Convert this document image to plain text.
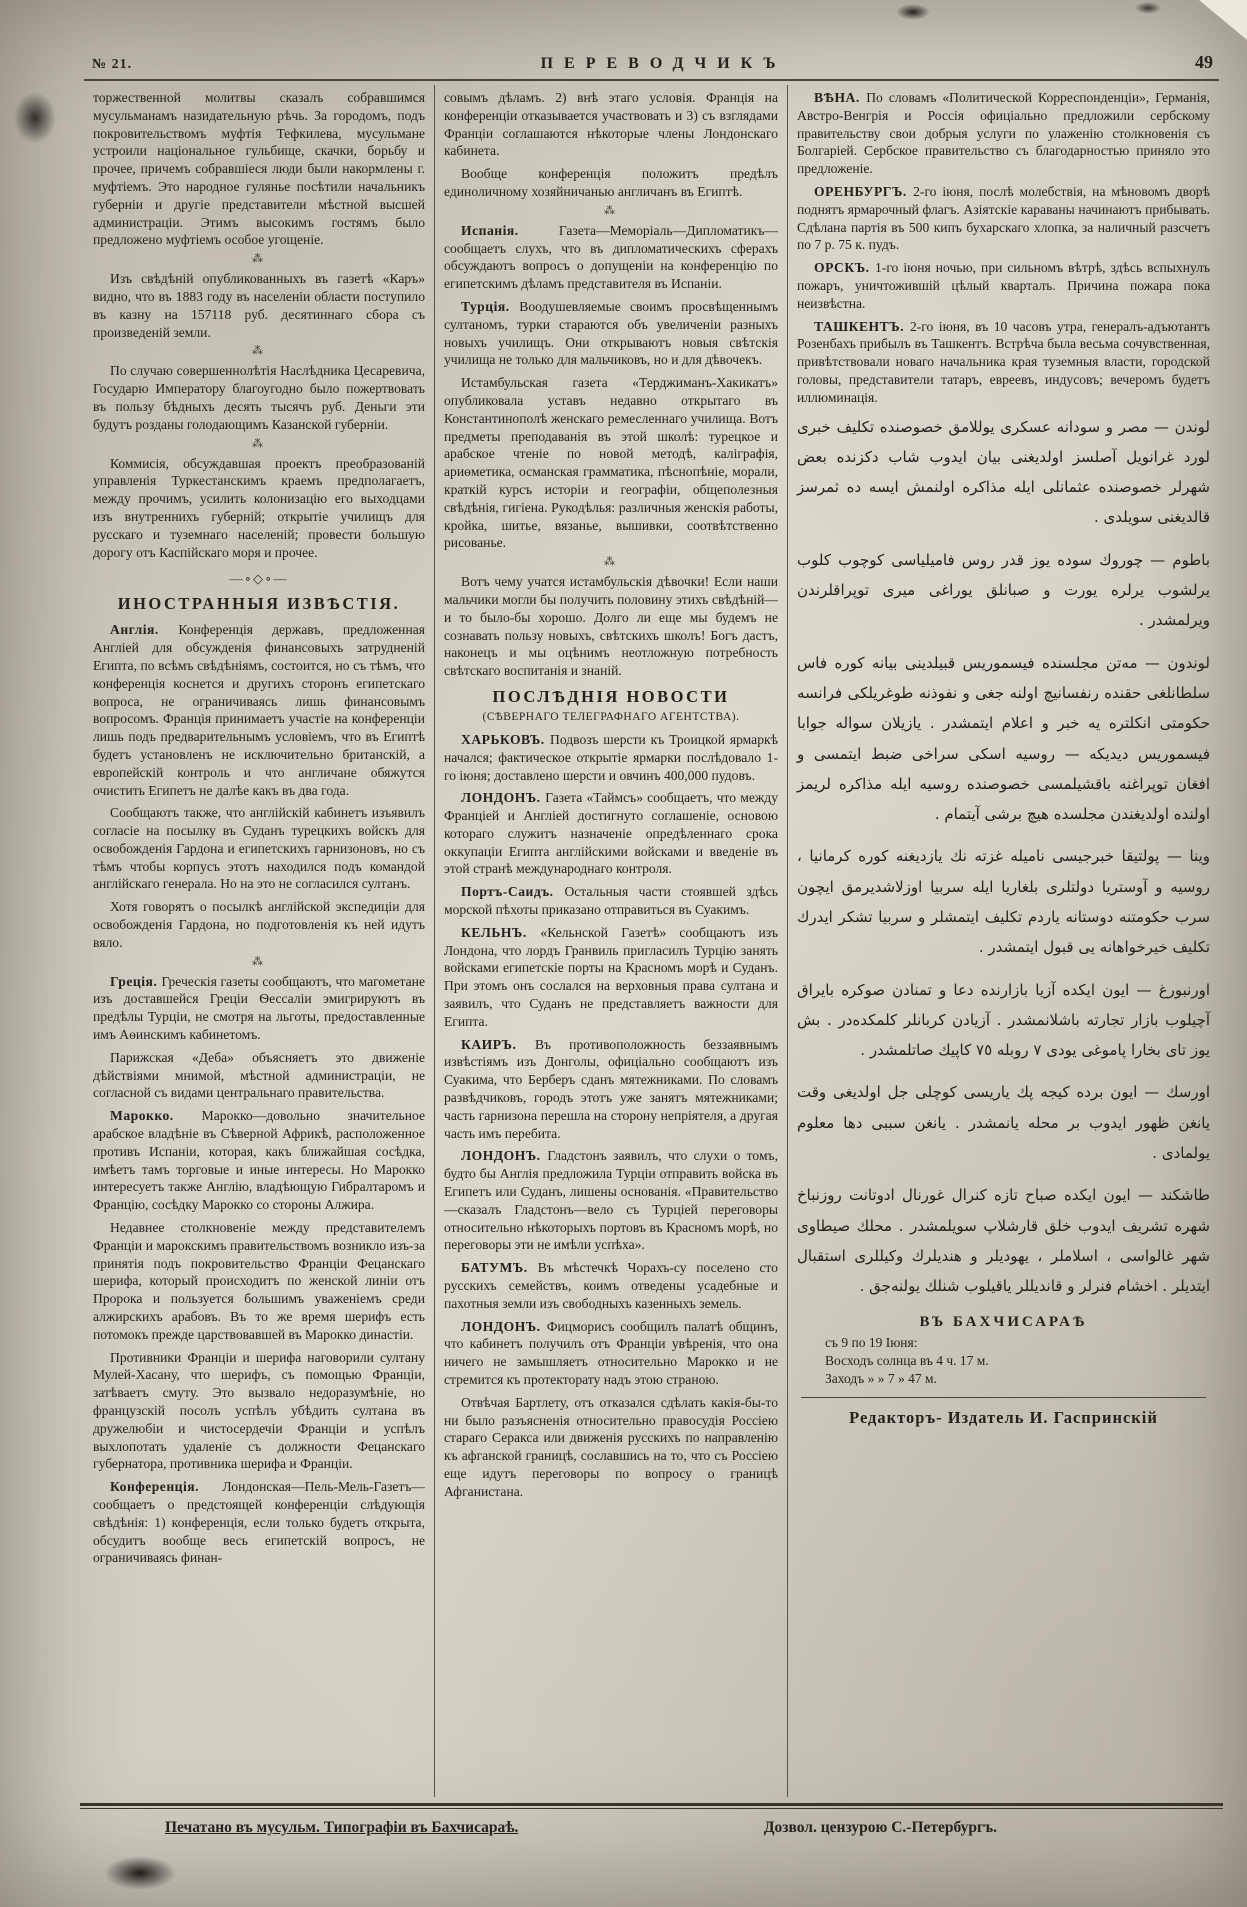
№ 21.	ПЕРЕВОДЧИКЪ	49
торжественной молитвы сказалъ собравшимся мусульманамъ назидательную рѣчь. За городомъ, подъ покровительствомъ муфтія Тефкилева, мусульмане устроили національное гульбище, скачки, борьбу и прочее, причемъ собравшіеся люди были накормлены г. муфтіемъ. Это народное гулянье посѣтили начальникъ губерніи и другіе представители мѣстной высшей администраціи. Этимъ высокимъ гостямъ было предложено муфтіемъ особое угощеніе.
⁂
Изъ свѣдѣній опубликованныхъ въ газетѣ «Каръ» видно, что въ 1883 году въ населеніи области поступило въ казну на 157118 руб. десятиннаго сбора съ произведеній земли.
⁂
По случаю совершеннолѣтія Наслѣдника Цесаревича, Государю Императору благоугодно было пожертвовать въ пользу бѣдныхъ десять тысячъ руб. Деньги эти будутъ розданы голодающимъ Казанской губерніи.
⁂
Коммисія, обсуждавшая проектъ преобразованій управленія Туркестанскимъ краемъ предполагаетъ, между прочимъ, усилить колонизацію его выходцами изъ внутреннихъ губерній; открытіе училищъ для русскаго и туземнаго населеній; провести большую дорогу отъ Каспійскаго моря и прочее.
—∘◇∘—
ИНОСТРАННЫЯ ИЗВѢСТІЯ.
Англія. Конференція державъ, предложенная Англіей для обсужденія финансовыхъ затрудненій Египта, по всѣмъ свѣдѣніямъ, состоится, но съ тѣмъ, что конференція коснется и другихъ сторонъ египетскаго вопроса, не ограничиваясь лишь финансовымъ вопросомъ. Франція принимаетъ участіе на конференціи лишь подъ предварительнымъ условіемъ, что въ Египтѣ будетъ установленъ не исключительно британскій, а европейскій контроль и что англичане обяжутся очистить Египетъ не далѣе какъ въ два года.
Сообщаютъ также, что англійскій кабинетъ изъявилъ согласіе на посылку въ Суданъ турецкихъ войскъ для освобожденія Гардона и египетскихъ гарнизоновъ, но съ тѣмъ чтобы корпусъ этотъ находился подъ командой англійскаго генерала. Но на это не согласился султанъ.
Хотя говорятъ о посылкѣ англійской экспедиціи для освобожденія Гардона, но подготовленія къ ней идутъ вяло.
⁂
Греція. Греческія газеты сообщаютъ, что магометане изъ доставшейся Греціи Ѳессаліи эмигрируютъ въ предѣлы Турціи, не смотря на льготы, предоставленные имъ Аѳинскимъ кабинетомъ.
Парижская «Деба» объясняетъ это движеніе дѣйствіями мнимой, мѣстной администраціи, не согласной съ видами центральнаго правительства.
Марокко. Марокко—довольно значительное арабское владѣніе въ Сѣверной Африкѣ, расположенное противъ Испаніи, которая, какъ ближайшая сосѣдка, имѣетъ тамъ торговые и иные интересы. Но Марокко интересуетъ также Англію, владѣющую Гибралтаромъ и Францію, сосѣдку Марокко со стороны Алжира.
Недавнее столкновеніе между представителемъ Франціи и марокскимъ правительствомъ возникло изъ-за принятія подъ покровительство Франціи Фецанскаго шерифа, который происходитъ по женской линіи отъ Пророка и пользуется большимъ уваженіемъ среди алжирскихъ арабовъ. Въ то же время шерифъ есть потомокъ прежде царствовавшей въ Марокко династіи.
Противники Франціи и шерифа наговорили султану Мулей-Хасану, что шерифъ, съ помощью Франціи, затѣваетъ смуту. Это вызвало недоразумѣніе, но французскій посолъ успѣлъ убѣдить султана въ дружелюбіи и чистосердечіи Франціи и успѣлъ выхлопотать удаленіе съ должности Фецанскаго губернатора, противника шерифа и Франціи.
Конференція. Лондонская—Пель-Мель-Газетъ—сообщаетъ о предстоящей конференціи слѣдующія свѣдѣнія: 1) конференція, если только будетъ открыта, обсудитъ вообще весь египетскій вопросъ, не ограничиваясь финан-
совымъ дѣламъ. 2) внѣ этаго условія. Франція на конференціи отказывается участвовать и 3) съ взглядами Франціи соглашаются нѣкоторые члены Лондонскаго кабинета.
Вообще конференція положитъ предѣлъ единоличному хозяйничанью англичанъ въ Египтѣ.
⁂
Испанія. Газета—Меморіаль—Дипломатикъ—сообщаетъ слухъ, что въ дипломатическихъ сферахъ обсуждаютъ вопросъ о допущеніи на конференцію по египетскимъ дѣламъ представителя въ Испаніи.
Турція. Воодушевляемые своимъ просвѣщеннымъ султаномъ, турки стараются объ увеличеніи разныхъ новыхъ училищъ. Они открываютъ новыя свѣтскія училища не только для мальчиковъ, но и для дѣвочекъ.
Истамбульская газета «Терджиманъ-Хакикатъ» опубликовала уставъ недавно открытаго въ Константинополѣ женскаго ремесленнаго училища. Вотъ предметы преподаванія въ этой школѣ: турецкое и арабское чтеніе по новой методѣ, каліграфія, ариѳметика, османская грамматика, пѣснопѣніе, морали, краткій курсъ исторіи и географіи, общеполезныя свѣдѣнія, гигіена. Рукодѣлья: различныя женскія работы, кройка, шитье, вязанье, вышивки, соотвѣтственно рисованье.
⁂
Вотъ чему учатся истамбульскія дѣвочки! Если наши мальчики могли бы получить половину этихъ свѣдѣній—и то было-бы хорошо. Долго ли еще мы будемъ не сознавать пользу новыхъ, свѣтскихъ школъ! Богъ дастъ, наконецъ и мы оцѣнимъ неотложную потребность свѣтскаго воспитанія и знаній.
ПОСЛѢДНІЯ НОВОСТИ
(СѢВЕРНАГО ТЕЛЕГРАФНАГО АГЕНТСТВА).
ХАРЬКОВЪ. Подвозъ шерсти къ Троицкой ярмаркѣ начался; фактическое открытіе ярмарки послѣдовало 1-го іюня; доставлено шерсти и овчинъ 400,000 пудовъ.
ЛОНДОНЪ. Газета «Таймсъ» сообщаетъ, что между Франціей и Англіей достигнуто соглашеніе, основою котораго служитъ назначеніе опредѣленнаго срока оккупаціи Египта англійскими войсками и введеніе въ этой странѣ международнаго контроля.
Портъ-Саидъ. Остальныя части стоявшей здѣсь морской пѣхоты приказано отправиться въ Суакимъ.
КЕЛЬНЪ. «Кельнской Газетѣ» сообщаютъ изъ Лондона, что лордъ Гранвиль пригласилъ Турцію занять войсками египетскіе порты на Красномъ морѣ и Суданъ. При этомъ онъ сослался на верховныя права султана и заявилъ, что Суданъ не представляетъ важности для Египта.
КАИРЪ. Въ противоположность беззаявнымъ извѣстіямъ изъ Донголы, офиціально сообщаютъ изъ Суакима, что Берберъ сданъ мятежниками. По словамъ развѣдчиковъ, городъ этотъ уже занятъ мятежниками; часть гарнизона перешла на сторону непріятеля, а другая часть имъ перебита.
ЛОНДОНЪ. Гладстонъ заявилъ, что слухи о томъ, будто бы Англія предложила Турціи отправить войска въ Египетъ или Суданъ, лишены основанія. «Правительство—сказалъ Гладстонъ—вело съ Турціей переговоры относительно нѣкоторыхъ портовъ въ Красномъ морѣ, но переговоры эти не имѣли успѣха».
БАТУМЪ. Въ мѣстечкѣ Чорахъ-су поселено сто русскихъ семействъ, коимъ отведены усадебные и пахотныя земли изъ свободныхъ казенныхъ земель.
ЛОНДОНЪ. Фицморисъ сообщилъ палатѣ общинъ, что кабинетъ получилъ отъ Франціи увѣренія, что она ничего не замышляетъ относительно Марокко и не стремится къ протекторату надъ этою страною.
Отвѣчая Бартлету, отъ отказался сдѣлать какія-бы-то ни было разъясненія относительно правосудія Россіею стараго Серакса или движенія русскихъ по направленію къ афганской границѣ, сославшись на то, что съ Россіею еще идутъ переговоры по вопросу о границѣ Афганистана.
ВѢНА. По словамъ «Политической Корреспонденціи», Германія, Австро-Венгрія и Россія офиціально предложили сербскому правительству свои добрыя услуги по улаженію столкновенія съ Болгаріей. Сербское правительство съ благодарностью приняло это предложеніе.
ОРЕНБУРГЪ. 2-го іюня, послѣ молебствія, на мѣновомъ дворѣ поднятъ ярмарочный флагъ. Азіятскіе караваны начинаютъ прибывать. Сдѣлана партія въ 500 кипъ бухарскаго хлопка, за наличный разсчетъ по 7 р. 75 к. пудъ.
ОРСКЪ. 1-го іюня ночью, при сильномъ вѣтрѣ, здѣсь вспыхнулъ пожаръ, уничтожившій цѣлый кварталъ. Причина пожара пока неизвѣстна.
ТАШКЕНТЪ. 2-го іюня, въ 10 часовъ утра, генералъ-адъютантъ Розенбахъ прибылъ въ Ташкентъ. Встрѣча была весьма сочувственная, привѣтствовали новаго начальника края туземныя власти, городской головы, представители татаръ, евреевъ, индусовъ; вечеромъ будетъ иллюминація.
لوندن — مصر و سودانه عسكرى يوللامق خصوصنده تكليف خبرى لورد غرانويل آصلسز اولديغنى بيان ايدوب شاب دكزنده بعض شهرلر خصوصنده عثمانلى ايله مذاكره اولنمش ايسه ده ثمرسز قالديغنى سويلدى .
باطوم — چوروك سوده يوز قدر روس فاميلياسى كوچوب كلوب يرلشوب يرلره يورت و صبانلق يوراغى ميرى توپراقلرندن ويرلمشدر .
لوندون — مەتن مجلسنده فيسموريس قبيلدينى بيانه كوره فاس سلطانلغى حقنده رنفسانيچ اولنه جغى و نفوذنه طوغريلكى فرانسه حكومتى انكلتره يه خبر و اعلام ايتمشدر . يازيلان سواله جوابا فيسموريس ديديكه — روسيه اسكى سراخى ضبط ايتمسى و افغان توپراغنه باقشيلمسى خصوصنده روسيه ايله مذاكره لريمز اولنده اولديغندن مجلسده هيچ برشى آيتمام .
وينا — پولتيقا خبرجيسى ناميله غزته نك يازديغنه كوره كرمانيا ، روسيه و آوستريا دولتلرى بلغاريا ايله سربيا اوزلاشديرمق ايچون سرب حكومتنه دوستانه ياردم تكليف ايتمشلر و سربيا تشكر ايدرك تكليف خيرخواهانه يى قبول ايتمشدر .
اورنبورغ — ايون ايكده آزيا بازارنده دعا و تمنادن صوكره بايراق آچيلوب بازار تجارته باشلانمشدر . آزيادن كربانلر كلمكدەدر . بش يوز تاى بخارا پاموغى يودى ٧ روبله ٧٥ كاپيك صاتلمشدر .
اورسك — ايون برده كيجه پك ياريسى كوچلى جل اولديغى وقت يانغن ظهور ايدوب بر محله يانمشدر . يانغن سببى دها معلوم يولمادى .
طاشكند — ايون ايكده صباح تازه كنرال غورنال ادوتانت روزنباخ شهره تشريف ايدوب خلق قارشلاپ سويلمشدر . محلك صيطاوى شهر غالواسى ، اسلاملر ، يهوديلر و هنديلرك وكيللرى استقبال ايتديلر . اخشام فنرلر و قانديللر ياقيلوب شنلك يولنەجق .
ВЪ БАХЧИСАРАѢ
съ 9 по 19 Іюня:
Восходъ солнца въ 4 ч. 17 м.
Заходъ » » 7 » 47 м.
Редакторъ- Издатель И. Гаспринскій
Печатано въ мусульм. Типографіи въ Бахчисараѣ.	Дозвол. цензурою С.-Петербургъ.
